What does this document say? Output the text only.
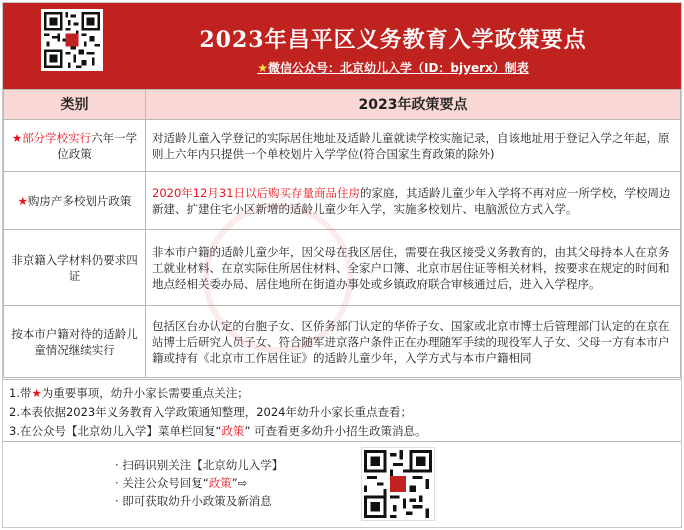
2023年昌平区义务教育入学政策要点
★微信公众号：北京幼儿入学（ID：bjyerx）制表
类别	2023年政策要点
★部分学校实行六年一学位政策	对适龄儿童入学登记的实际居住地址及适龄儿童就读学校实施记录，自该地址用于登记入学之年起，原则上六年内只提供一个单校划片入学学位(符合国家生育政策的除外)
★购房产多校划片政策	2020年12月31日以后购买存量商品住房的家庭，其适龄儿童少年入学将不再对应一所学校，学校周边新建、扩建住宅小区新增的适龄儿童少年入学，实施多校划片、电脑派位方式入学。
非京籍入学材料仍要求四证	非本市户籍的适龄儿童少年，因父母在我区居住，需要在我区接受义务教育的，由其父母持本人在京务工就业材料、在京实际住所居住材料、全家户口簿、北京市居住证等相关材料，按要求在规定的时间和地点经相关委办局、居住地所在街道办事处或乡镇政府联合审核通过后，进入入学程序。
按本市户籍对待的适龄儿童情况继续实行	包括区台办认定的台胞子女、区侨务部门认定的华侨子女、国家或北京市博士后管理部门认定的在京在站博士后研究人员子女、符合随军进京落户条件正在办理随军手续的现役军人子女、父母一方有本市户籍或持有《北京市工作居住证》的适龄儿童少年，入学方式与本市户籍相同
1.带★为重要事项，幼升小家长需要重点关注；
2.本表依据2023年义务教育入学政策通知整理，2024年幼升小家长重点查看；
3.在公众号【北京幼儿入学】菜单栏回复“政策” 可查看更多幼升小招生政策消息。
· 扫码识别关注【北京幼儿入学】
· 关注公众号回复“政策”⇨
· 即可获取幼升小政策及新消息
